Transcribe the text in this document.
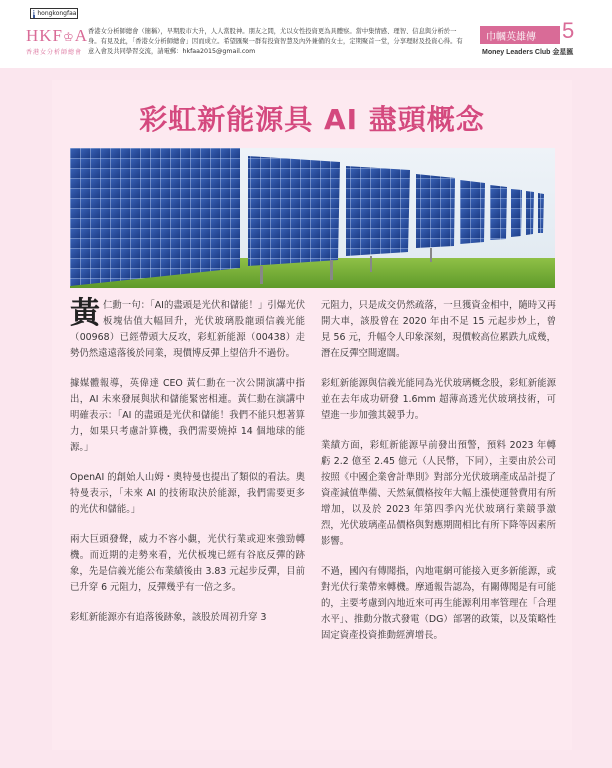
f hongkongfaa
HKF♔A
香港女分析師總會
香港女分析師總會（簡稱），早期股市大升，人人當股神。朋友之間，尤以女性投資更為具體察。當中集情感、理智、信息與分析於一身。有見及此，「香港女分析師總會」因而成立。希望匯聚一群有投資智慧及內外兼備的女士，定期聚首一堂，分享理財及投資心得。有意入會及共同學習交流，請電郵：hkfaa2015@gmail.com
巾幗英雄傳	5
Money Leaders Club 金星匯
彩虹新能源具 AI 盡頭概念

黃仁勳一句：「AI的盡頭是光伏和儲能！」引爆光伏板塊估值大幅回升，光伏玻璃股龍頭信義光能（00968）已經帶頭大反攻，彩虹新能源（00438）走勢仍然遠遠落後於同業，現價博反彈上望倍升不過份。

據媒體報導，英偉達 CEO 黃仁勳在一次公開演講中指出，AI 未來發展與狀和儲能緊密相連。黃仁勳在演講中明確表示：「AI 的盡頭是光伏和儲能！我們不能只想著算力，如果只考慮計算機，我們需要燒掉 14 個地球的能源。」

OpenAI 的創始人山姆・奧特曼也提出了類似的看法。奧特曼表示，「未來 AI 的技術取決於能源，我們需要更多的光伏和儲能。」

兩大巨頭發聲，威力不容小覷，光伏行業或迎來強勁轉機。而近期的走勢來看，光伏板塊已經有谷底反彈的跡象，先是信義光能公布業績後由 3.83 元起步反彈，目前已升穿 6 元阻力，反彈幾乎有一倍之多。

彩虹新能源亦有追落後跡象，該股於周初升穿 3

元阻力，只是成交仍然疏落，一旦獲資金相中，隨時又再開大車，該股曾在 2020 年由不足 15 元起步炒上，曾見 56 元，升幅令人印象深刻，現價較高位累跌九成幾，潛在反彈空間遼闊。

彩虹新能源與信義光能同為光伏玻璃概念股，彩虹新能源並在去年成功研發 1.6mm 超薄高透光伏玻璃技術，可望進一步加強其競爭力。

業績方面，彩虹新能源早前發出預警，預料 2023 年轉虧 2.2 億至 2.45 億元（人民幣，下同），主要由於公司按照《中國企業會計準則》對部分光伏玻璃產成品計提了資產減值準備、天然氣價格按年大幅上漲使運營費用有所增加，以及於 2023 年第四季內光伏玻璃行業競爭激烈，光伏玻璃產品價格與對應期間相比有所下降等因素所影響。

不過，國內有傳聞指，內地電網可能接入更多新能源，或對光伏行業帶來轉機。摩通報告認為，有關傳聞是有可能的，主要考慮到內地近來可再生能源利用率管理在「合理水平」、推動分散式發電（DG）部署的政策，以及策略性固定資產投資推動經濟增長。
